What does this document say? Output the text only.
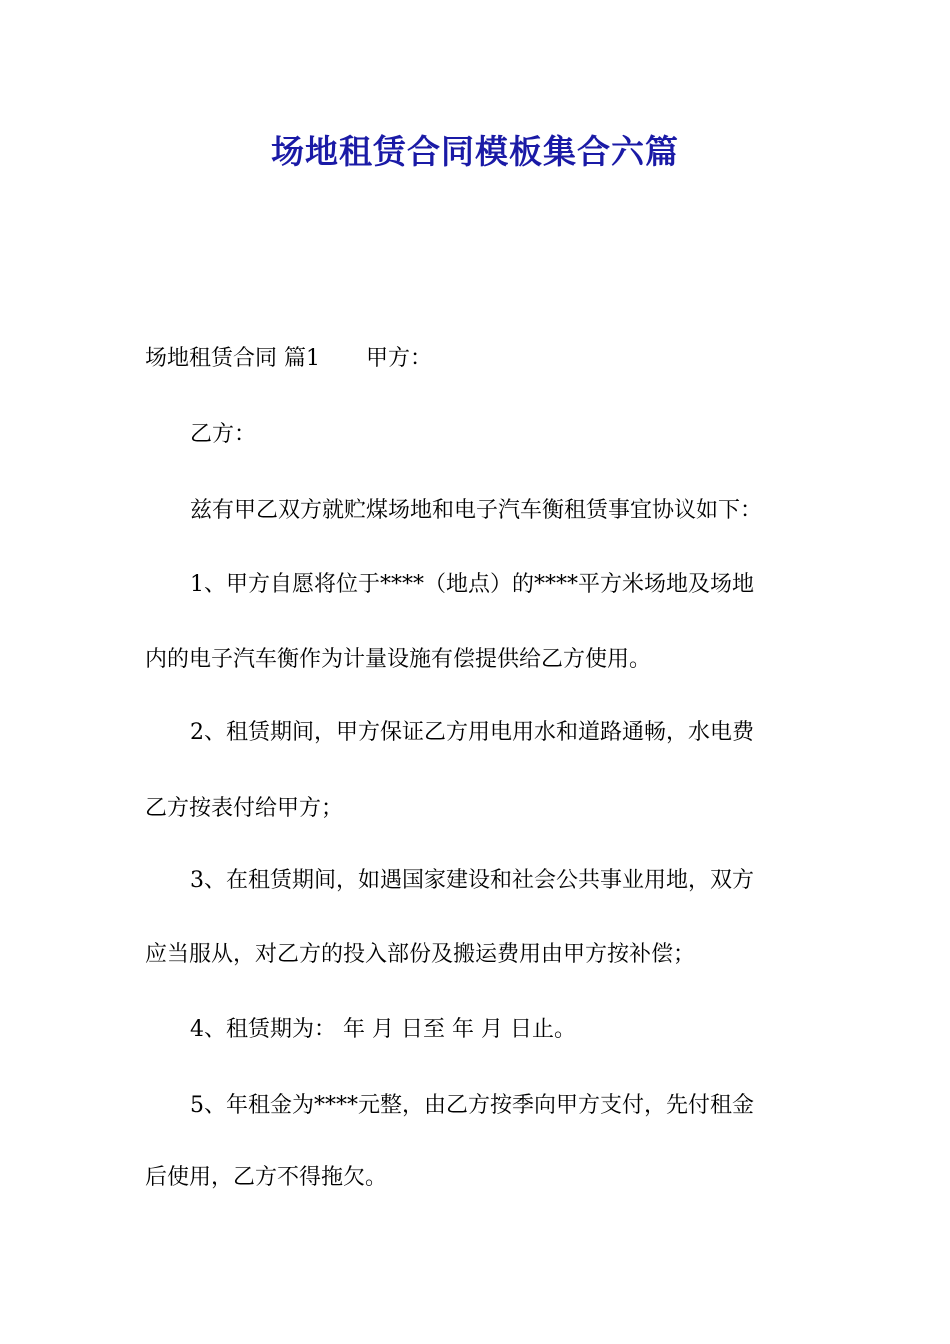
场地租赁合同模板集合六篇
场地租赁合同 篇1 甲方：
乙方：
兹有甲乙双方就贮煤场地和电子汽车衡租赁事宜协议如下：
1、甲方自愿将位于****（地点）的****平方米场地及场地
内的电子汽车衡作为计量设施有偿提供给乙方使用。
2、租赁期间，甲方保证乙方用电用水和道路通畅，水电费
乙方按表付给甲方；
3、在租赁期间，如遇国家建设和社会公共事业用地，双方
应当服从，对乙方的投入部份及搬运费用由甲方按补偿；
4、租赁期为： 年 月 日至 年 月 日止。
5、年租金为****元整，由乙方按季向甲方支付，先付租金
后使用，乙方不得拖欠。
